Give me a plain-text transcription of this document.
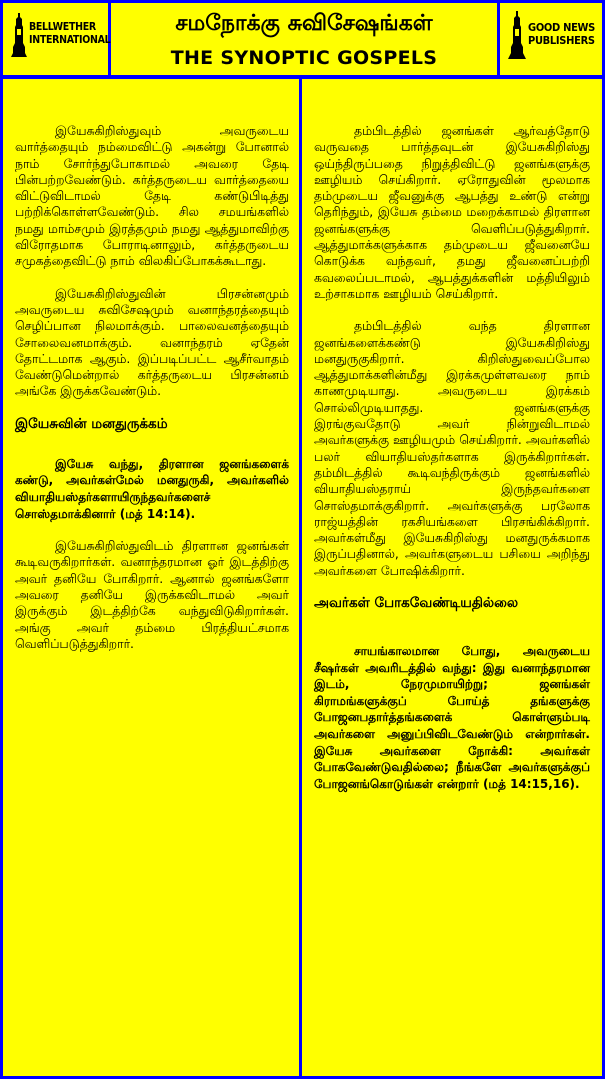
BELLWETHER
INTERNATIONAL
சமநோக்கு சுவிசேஷங்கள்
THE SYNOPTIC GOSPELS
GOOD NEWS
PUBLISHERS

இயேசுகிறிஸ்துவும் அவருடைய வார்த்தையும் நம்மைவிட்டு அகன்று போனால் நாம் சோர்ந்துபோகாமல் அவரை தேடி பின்பற்றவேண்டும். கர்த்தருடைய வார்த்தையை விட்டுவிடாமல் தேடி கண்டுபிடித்து பற்றிக்கொள்ளவேண்டும். சில சமயங்களில் நமது மாம்சமும் இரத்தமும் நமது ஆத்துமாவிற்கு விரோதமாக போராடினாலும், கர்த்தருடைய சமுகத்தைவிட்டு நாம் விலகிப்போகக்கூடாது.

இயேசுகிறிஸ்துவின் பிரசன்னமும் அவருடைய சுவிசேஷமும் வனாந்தரத்தையும் செழிப்பான நிலமாக்கும். பாலைவனத்தையும் சோலைவனமாக்கும். வனாந்தரம் ஏதேன் தோட்டமாக ஆகும். இப்படிப்பட்ட ஆசீர்வாதம் வேண்டுமென்றால் கர்த்தருடைய பிரசன்னம் அங்கே இருக்கவேண்டும்.

இயேசுவின் மனதுருக்கம்

இயேசு வந்து, திரளான ஜனங்களைக் கண்டு, அவர்கள்மேல் மனதுருகி, அவர்களில் வியாதியஸ்தர்களாயிருந்தவர்களைச் சொஸ்தமாக்கினார் (மத் 14:14).

இயேசுகிறிஸ்துவிடம் திரளான ஜனங்கள் கூடிவருகிறார்கள். வனாந்தரமான ஓர் இடத்திற்கு அவர் தனியே போகிறார். ஆனால் ஜனங்களோ அவரை தனியே இருக்கவிடாமல் அவர் இருக்கும் இடத்திற்கே வந்துவிடுகிறார்கள். அங்கு அவர் தம்மை பிரத்தியட்சமாக வெளிப்படுத்துகிறார்.

தம்பிடத்தில் ஜனங்கள் ஆர்வத்தோடு வருவதை பார்த்தவுடன் இயேசுகிறிஸ்து ஒய்ந்திருப்பதை நிறுத்திவிட்டு ஜனங்களுக்கு ஊழியம் செய்கிறார். ஏரோதுவின் மூலமாக தம்முடைய ஜீவனுக்கு ஆபத்து உண்டு என்று தெரிந்தும், இயேசு தம்மை மறைக்காமல் திரளான ஜனங்களுக்கு வெளிப்படுத்துகிறார். ஆத்துமாக்களுக்காக தம்முடைய ஜீவனையே கொடுக்க வந்தவர், தமது ஜீவனைப்பற்றி கவலைப்படாமல், ஆபத்துக்களின் மத்தியிலும் உற்சாகமாக ஊழியம் செய்கிறார்.

தம்பிடத்தில் வந்த திரளான ஜனங்களைக்கண்டு இயேசுகிறிஸ்து மனதுருகுகிறார். கிறிஸ்துவைப்போல ஆத்துமாக்களின்மீது இரக்கமுள்ளவரை நாம் காணமுடியாது. அவருடைய இரக்கம் சொல்லிமுடியாதது. ஜனங்களுக்கு இரங்குவதோடு அவர் நின்றுவிடாமல் அவர்களுக்கு ஊழியமும் செய்கிறார். அவர்களில் பலர் வியாதியஸ்தர்களாக இருக்கிறார்கள். தம்மிடத்தில் கூடிவந்திருக்கும் ஜனங்களில் வியாதியஸ்தராய் இருந்தவர்களை சொஸ்தமாக்குகிறார். அவர்களுக்கு பரலோக ராஜ்யத்தின் ரகசியங்களை பிரசங்கிக்கிறார். அவர்கள்மீது இயேசுகிறிஸ்து மனதுருக்கமாக இருப்பதினால், அவர்களுடைய பசியை அறிந்து அவர்களை போஷிக்கிறார்.

அவர்கள் போகவேண்டியதில்லை

சாயங்காலமான போது, அவருடைய சீஷர்கள் அவரிடத்தில் வந்து: இது வனாந்தரமான இடம், நேரமுமாயிற்று; ஜனங்கள் கிராமங்களுக்குப் போய்த் தங்களுக்கு போஜனபதார்த்தங்களைக் கொள்ளும்படி அவர்களை அனுப்பிவிடவேண்டும் என்றார்கள். இயேசு அவர்களை நோக்கி: அவர்கள் போகவேண்டுவதில்லை; நீங்களே அவர்களுக்குப் போஜனங்கொடுங்கள் என்றார் (மத் 14:15,16).
